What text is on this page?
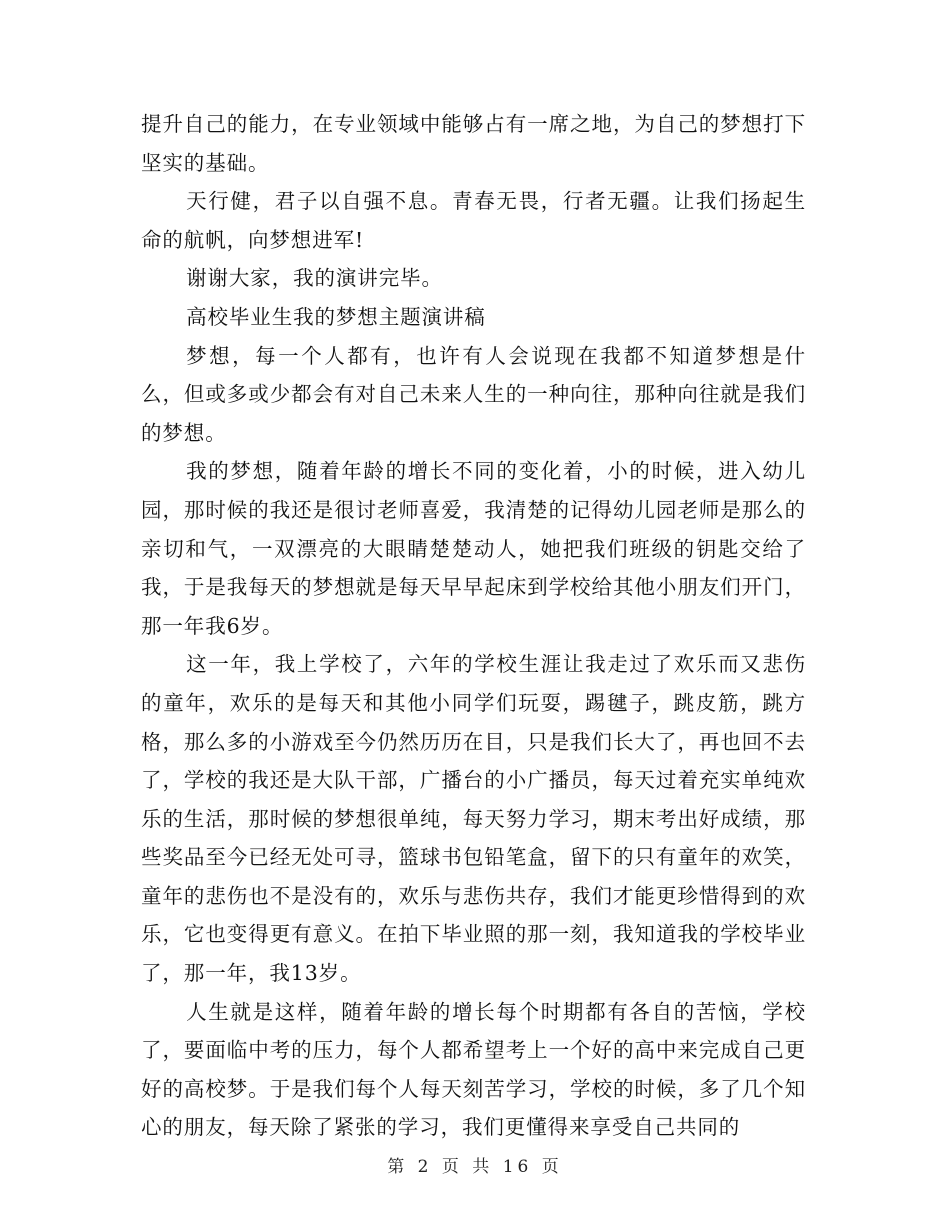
提升自己的能力，在专业领域中能够占有一席之地，为自己的梦想打下坚实的基础。

天行健，君子以自强不息。青春无畏，行者无疆。让我们扬起生命的航帆，向梦想进军!

谢谢大家，我的演讲完毕。

高校毕业生我的梦想主题演讲稿

梦想，每一个人都有，也许有人会说现在我都不知道梦想是什么，但或多或少都会有对自己未来人生的一种向往，那种向往就是我们的梦想。

我的梦想，随着年龄的增长不同的变化着，小的时候，进入幼儿园，那时候的我还是很讨老师喜爱，我清楚的记得幼儿园老师是那么的亲切和气，一双漂亮的大眼睛楚楚动人，她把我们班级的钥匙交给了我，于是我每天的梦想就是每天早早起床到学校给其他小朋友们开门，那一年我6岁。

这一年，我上学校了，六年的学校生涯让我走过了欢乐而又悲伤的童年，欢乐的是每天和其他小同学们玩耍，踢毽子，跳皮筋，跳方格，那么多的小游戏至今仍然历历在目，只是我们长大了，再也回不去了，学校的我还是大队干部，广播台的小广播员，每天过着充实单纯欢乐的生活，那时候的梦想很单纯，每天努力学习，期末考出好成绩，那些奖品至今已经无处可寻，篮球书包铅笔盒，留下的只有童年的欢笑，童年的悲伤也不是没有的，欢乐与悲伤共存，我们才能更珍惜得到的欢乐，它也变得更有意义。在拍下毕业照的那一刻，我知道我的学校毕业了，那一年，我13岁。

人生就是这样，随着年龄的增长每个时期都有各自的苦恼，学校了，要面临中考的压力，每个人都希望考上一个好的高中来完成自己更好的高校梦。于是我们每个人每天刻苦学习，学校的时候，多了几个知心的朋友，每天除了紧张的学习，我们更懂得来享受自己共同的

第 2 页 共 16 页
